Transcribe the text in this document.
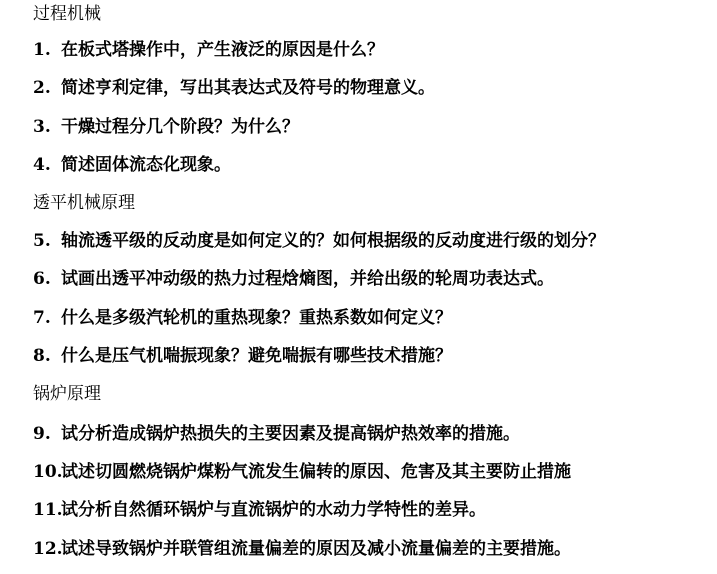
过程机械
1. 在板式塔操作中，产生液泛的原因是什么？
2. 简述亨利定律，写出其表达式及符号的物理意义。
3. 干燥过程分几个阶段？为什么？
4. 简述固体流态化现象。
透平机械原理
5. 轴流透平级的反动度是如何定义的？如何根据级的反动度进行级的划分？
6. 试画出透平冲动级的热力过程焓熵图，并给出级的轮周功表达式。
7. 什么是多级汽轮机的重热现象？重热系数如何定义？
8. 什么是压气机喘振现象？避免喘振有哪些技术措施？
锅炉原理
9. 试分析造成锅炉热损失的主要因素及提高锅炉热效率的措施。
10.试述切圆燃烧锅炉煤粉气流发生偏转的原因、危害及其主要防止措施
11.试分析自然循环锅炉与直流锅炉的水动力学特性的差异。
12.试述导致锅炉并联管组流量偏差的原因及减小流量偏差的主要措施。
